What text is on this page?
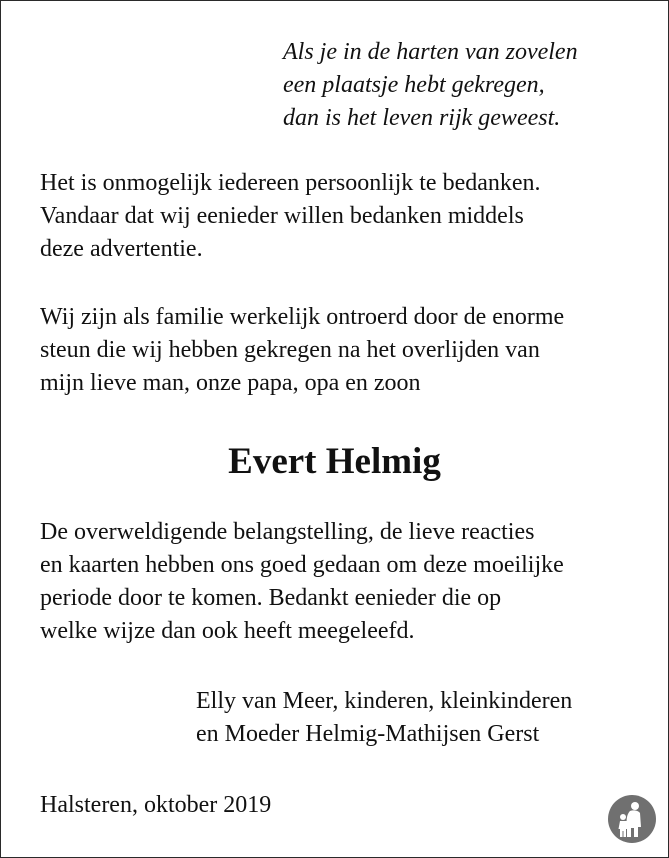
Als je in de harten van zovelen
een plaatsje hebt gekregen,
dan is het leven rijk geweest.
Het is onmogelijk iedereen persoonlijk te bedanken.
Vandaar dat wij eenieder willen bedanken middels
deze advertentie.
Wij zijn als familie werkelijk ontroerd door de enorme
steun die wij hebben gekregen na het overlijden van
mijn lieve man, onze papa, opa en zoon
Evert Helmig
De overweldigende belangstelling, de lieve reacties
en kaarten hebben ons goed gedaan om deze moeilijke
periode door te komen. Bedankt eenieder die op
welke wijze dan ook heeft meegeleefd.
Elly van Meer, kinderen, kleinkinderen
en Moeder Helmig-Mathijsen Gerst
Halsteren, oktober 2019
